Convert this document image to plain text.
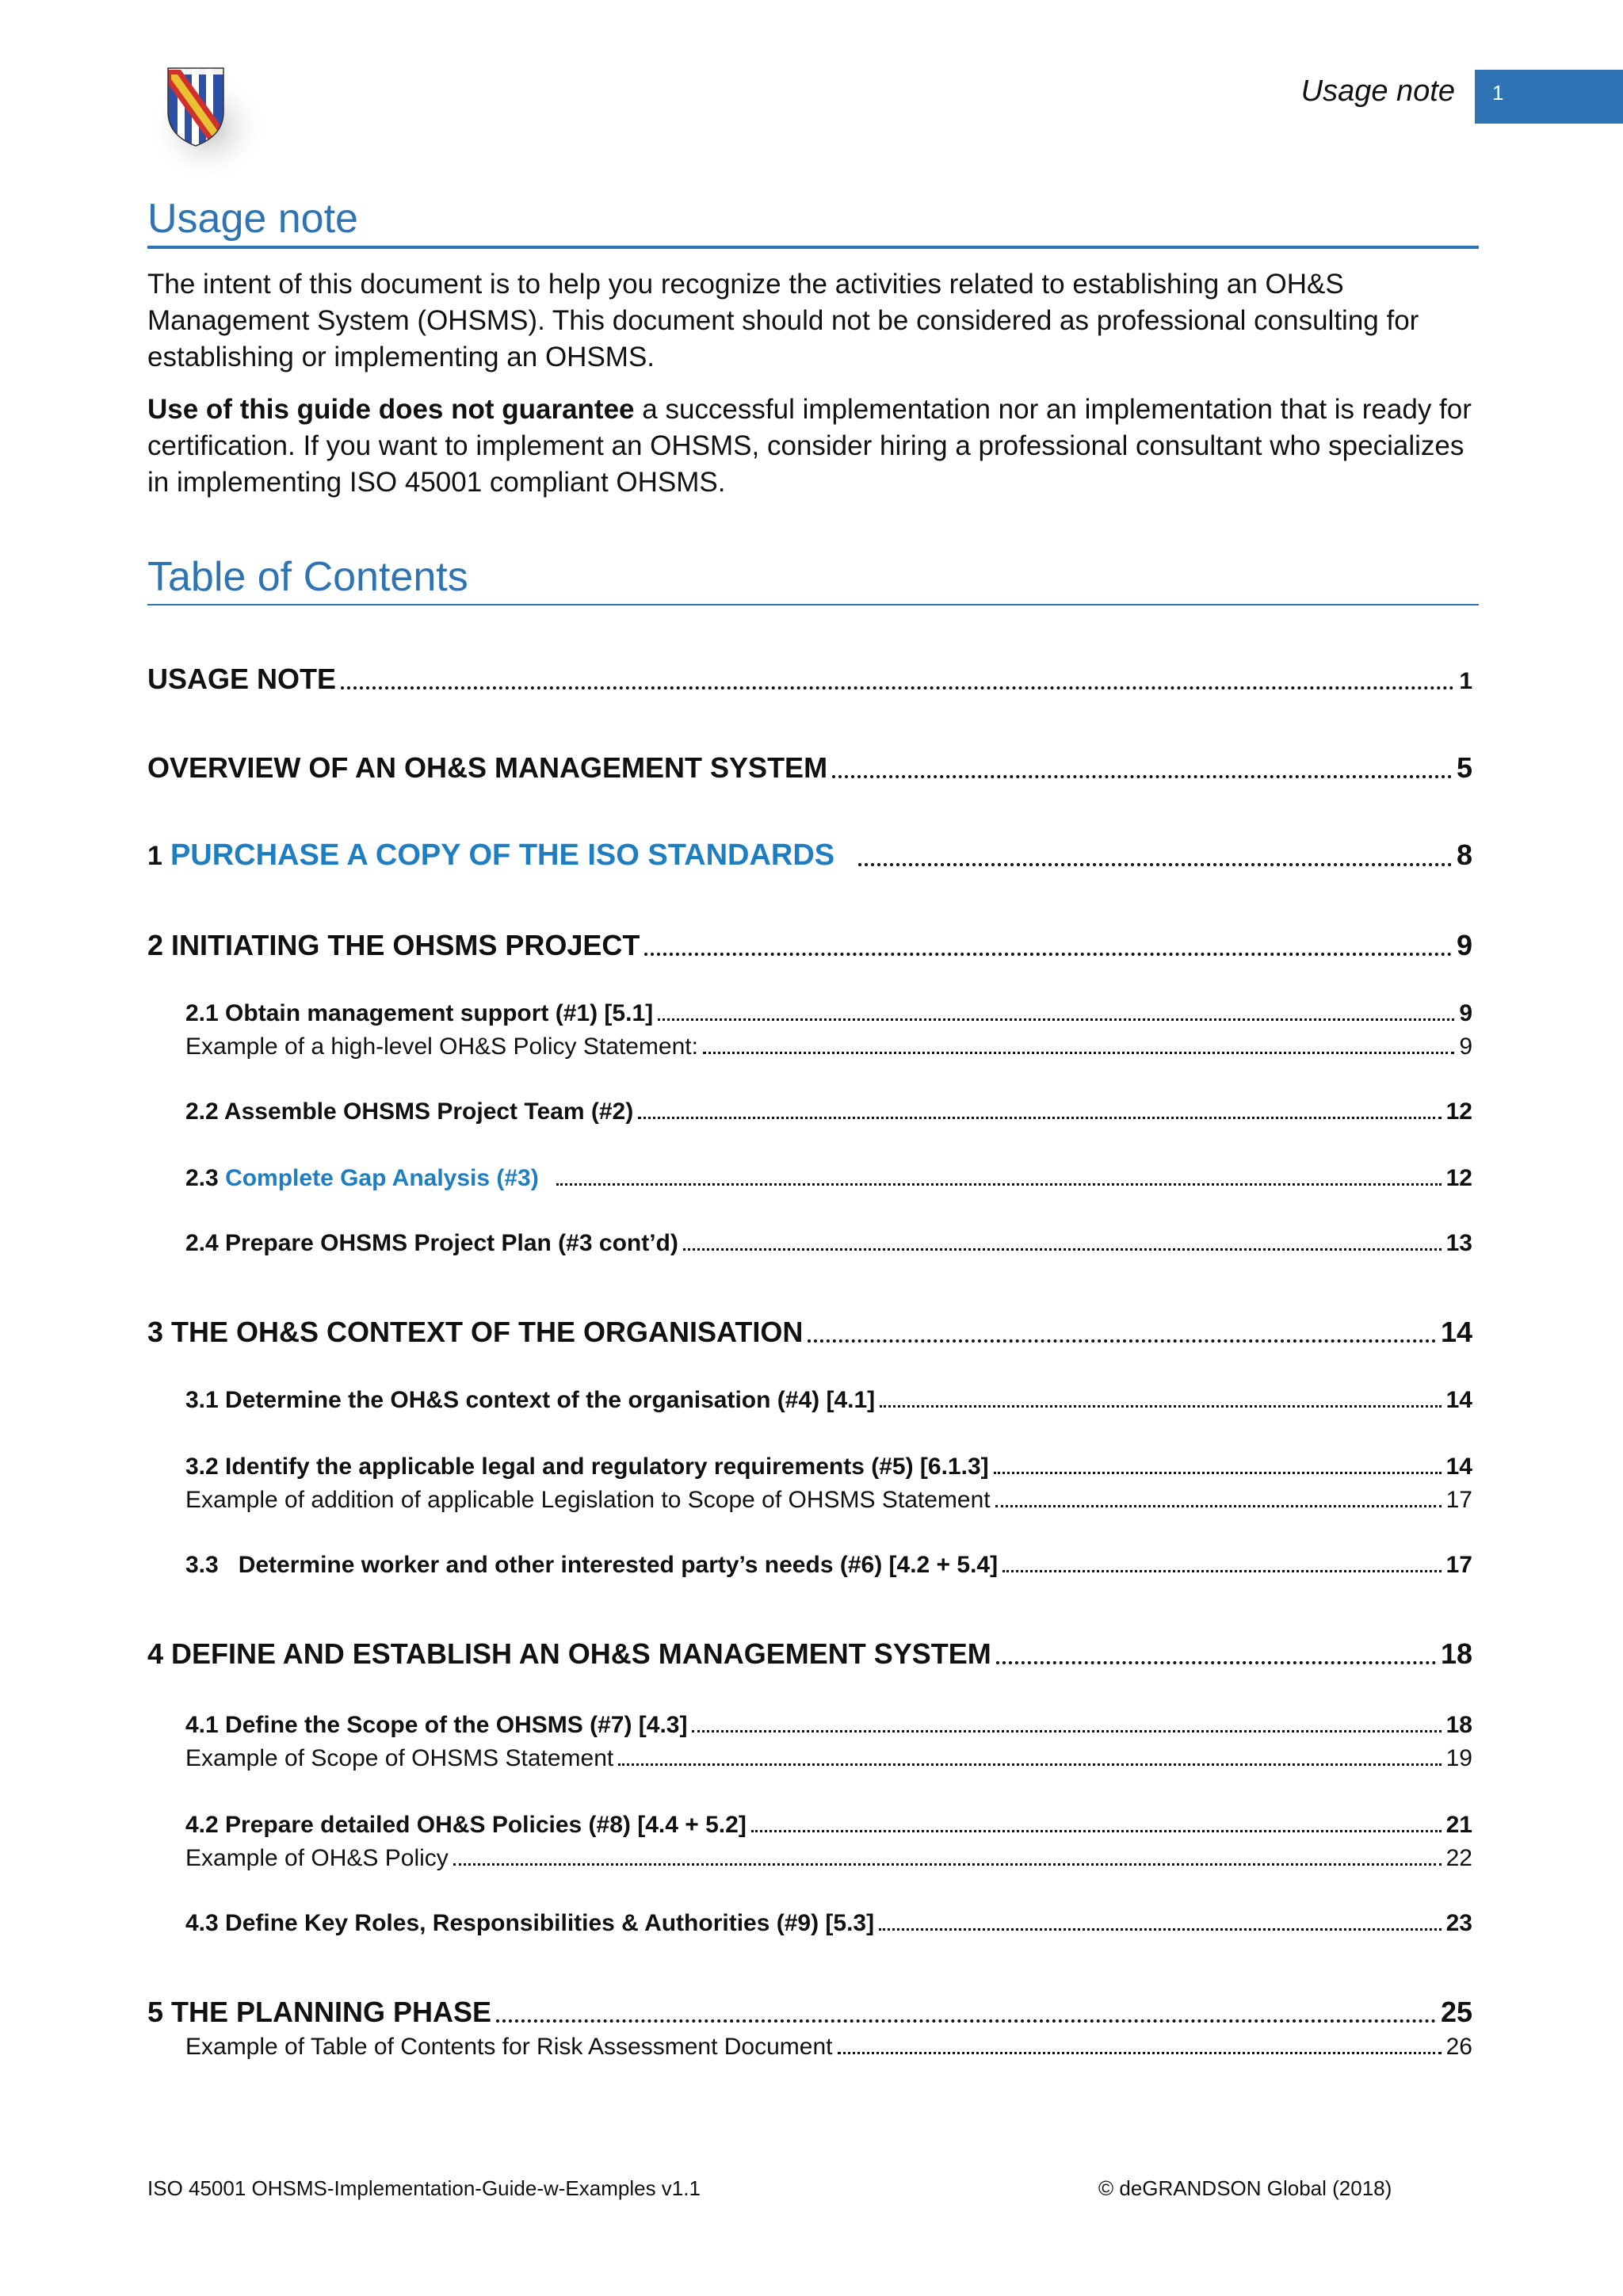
Usage note	1
Usage note
The intent of this document is to help you recognize the activities related to establishing an OH&S Management System (OHSMS). This document should not be considered as professional consulting for establishing or implementing an OHSMS.
Use of this guide does not guarantee a successful implementation nor an implementation that is ready for certification. If you want to implement an OHSMS, consider hiring a professional consultant who specializes in implementing ISO 45001 compliant OHSMS.
Table of Contents
USAGE NOTE	1
OVERVIEW OF AN OH&S MANAGEMENT SYSTEM	5
1 PURCHASE A COPY OF THE ISO STANDARDS	8
2 INITIATING THE OHSMS PROJECT	9
2.1 Obtain management support (#1) [5.1]	9
Example of a high-level OH&S Policy Statement:	9
2.2 Assemble OHSMS Project Team (#2)	12
2.3 Complete Gap Analysis (#3)	12
2.4 Prepare OHSMS Project Plan (#3 cont’d)	13
3 THE OH&S CONTEXT OF THE ORGANISATION	14
3.1 Determine the OH&S context of the organisation (#4) [4.1]	14
3.2 Identify the applicable legal and regulatory requirements (#5) [6.1.3]	14
Example of addition of applicable Legislation to Scope of OHSMS Statement	17
3.3   Determine worker and other interested party’s needs (#6) [4.2 + 5.4]	17
4 DEFINE AND ESTABLISH AN OH&S MANAGEMENT SYSTEM	18
4.1 Define the Scope of the OHSMS (#7) [4.3]	18
Example of Scope of OHSMS Statement	19
4.2 Prepare detailed OH&S Policies (#8) [4.4 + 5.2]	21
Example of OH&S Policy	22
4.3 Define Key Roles, Responsibilities & Authorities (#9) [5.3]	23
5 THE PLANNING PHASE	25
Example of Table of Contents for Risk Assessment Document	26
ISO 45001 OHSMS-Implementation-Guide-w-Examples v1.1	© deGRANDSON Global (2018)
